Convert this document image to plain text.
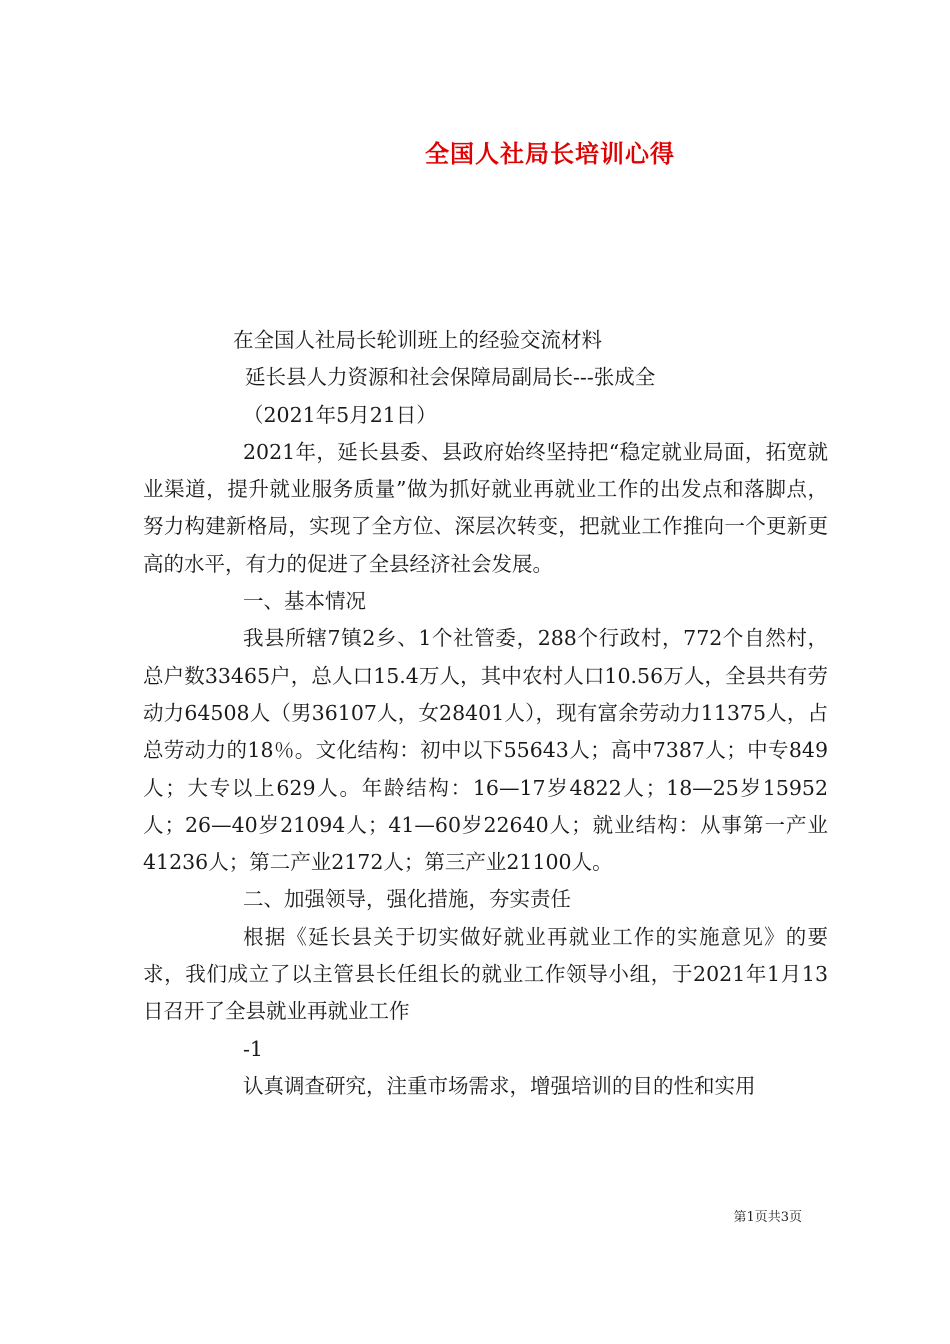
全国人社局长培训心得
在全国人社局长轮训班上的经验交流材料
延长县人力资源和社会保障局副局长---张成全
（2021年5月21日）

2021年，延长县委、县政府始终坚持把“稳定就业局面，拓宽就业渠道，提升就业服务质量”做为抓好就业再就业工作的出发点和落脚点，努力构建新格局，实现了全方位、深层次转变，把就业工作推向一个更新更高的水平，有力的促进了全县经济社会发展。

一、基本情况

我县所辖7镇2乡、1个社管委，288个行政村，772个自然村，总户数33465户，总人口15.4万人，其中农村人口10.56万人，全县共有劳动力64508人（男36107人，女28401人），现有富余劳动力11375人，占总劳动力的18％。文化结构：初中以下55643人；高中7387人；中专849人；大专以上629人。年龄结构：16—17岁4822人；18—25岁15952人；26—40岁21094人；41—60岁22640人；就业结构：从事第一产业41236人；第二产业2172人；第三产业21100人。

二、加强领导，强化措施，夯实责任

根据《延长县关于切实做好就业再就业工作的实施意见》的要求，我们成立了以主管县长任组长的就业工作领导小组，于2021年1月13日召开了全县就业再就业工作

-1
认真调查研究，注重市场需求，增强培训的目的性和实用
第1页共3页
